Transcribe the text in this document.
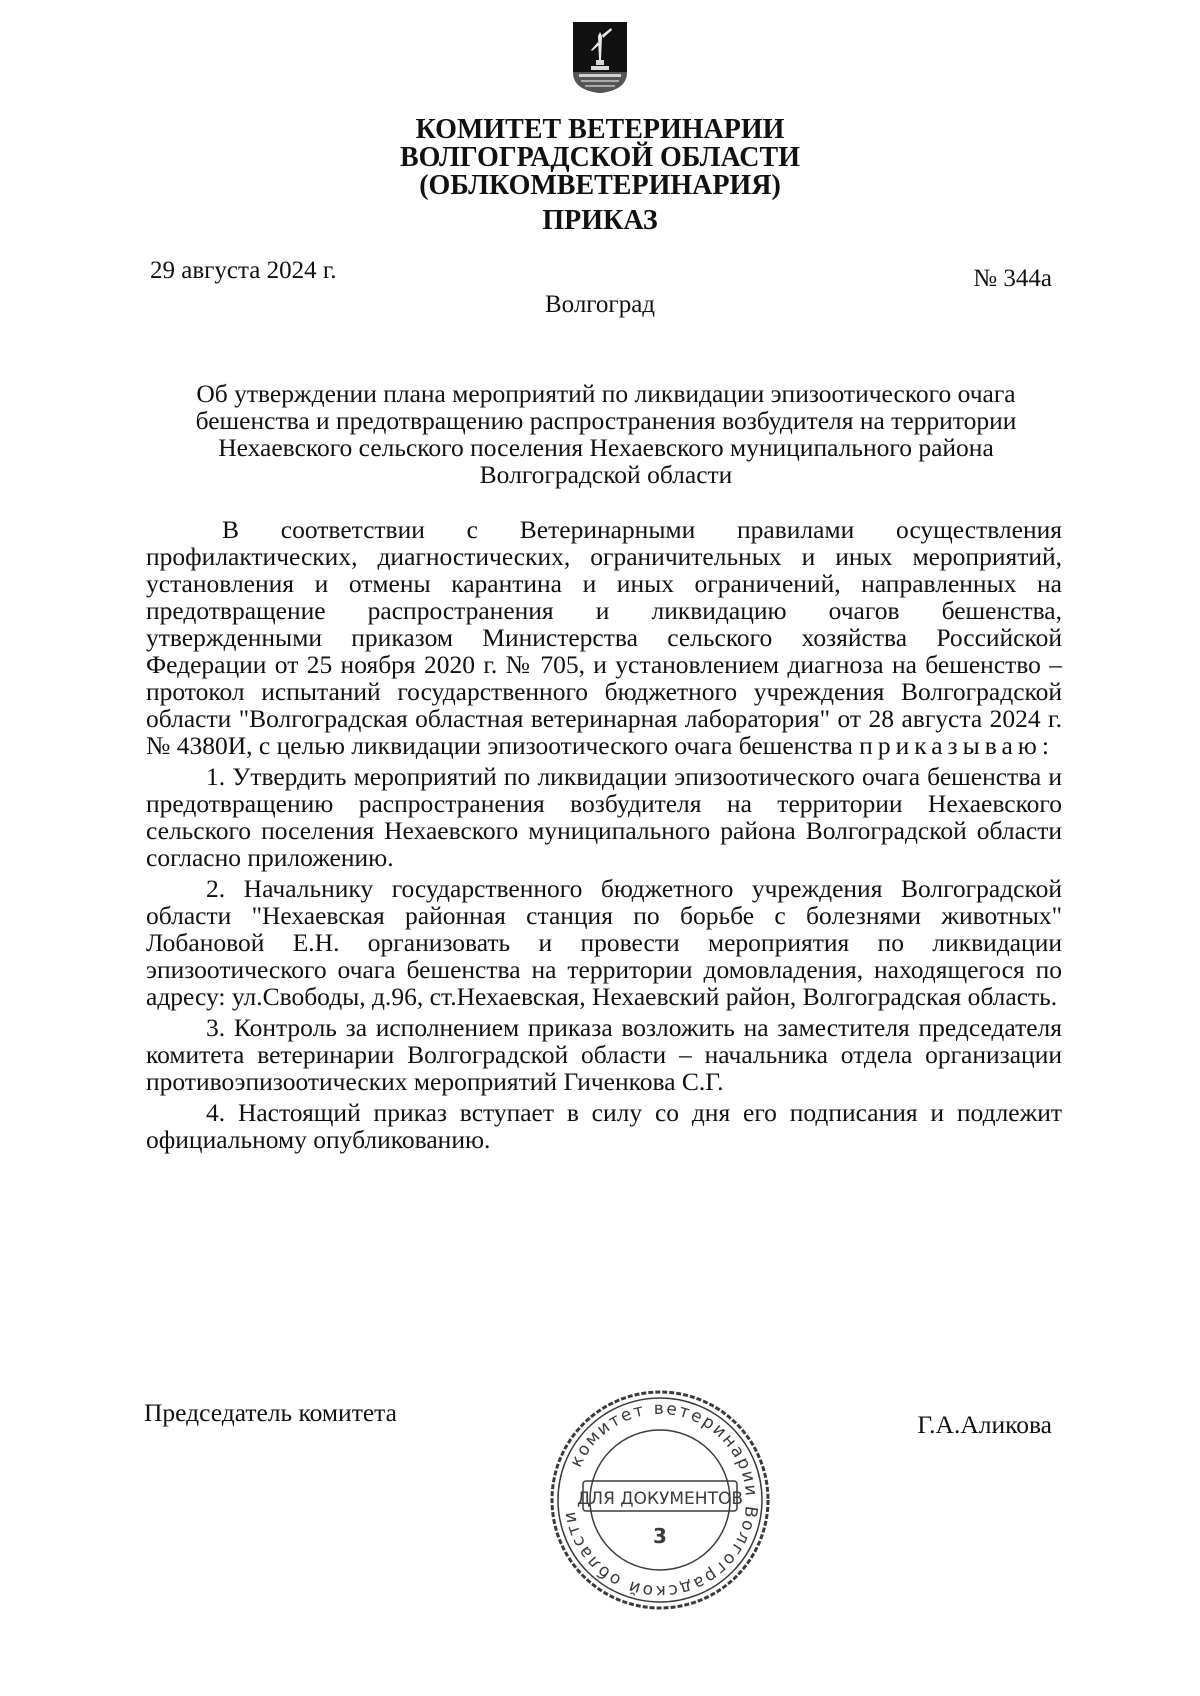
КОМИТЕТ ВЕТЕРИНАРИИ
ВОЛГОГРАДСКОЙ ОБЛАСТИ
(ОБЛКОМВЕТЕРИНАРИЯ)
ПРИКАЗ
29 августа 2024 г.	№ 344а
Волгоград
Об утверждении плана мероприятий по ликвидации эпизоотического очага бешенства и предотвращению распространения возбудителя на территории Нехаевского сельского поселения Нехаевского муниципального района Волгоградской области

В соответствии с Ветеринарными правилами осуществления профилактических, диагностических, ограничительных и иных мероприятий, установления и отмены карантина и иных ограничений, направленных на предотвращение распространения и ликвидацию очагов бешенства, утвержденными приказом Министерства сельского хозяйства Российской Федерации от 25 ноября 2020 г. № 705, и установлением диагноза на бешенство – протокол испытаний государственного бюджетного учреждения Волгоградской области "Волгоградская областная ветеринарная лаборатория" от 28 августа 2024 г. № 4380И, с целью ликвидации эпизоотического очага бешенства приказываю:

1. Утвердить мероприятий по ликвидации эпизоотического очага бешенства и предотвращению распространения возбудителя на территории Нехаевского сельского поселения Нехаевского муниципального района Волгоградской области согласно приложению.

2. Начальнику государственного бюджетного учреждения Волгоградской области "Нехаевская районная станция по борьбе с болезнями животных" Лобановой Е.Н. организовать и провести мероприятия по ликвидации эпизоотического очага бешенства на территории домовладения, находящегося по адресу: ул.Свободы, д.96, ст.Нехаевская, Нехаевский район, Волгоградская область.

3. Контроль за исполнением приказа возложить на заместителя председателя комитета ветеринарии Волгоградской области – начальника отдела организации противоэпизоотических мероприятий Гиченкова С.Г.

4. Настоящий приказ вступает в силу со дня его подписания и подлежит официальному опубликованию.

Председатель комитета	Г.А.Аликова
комитет ветеринарии Волгоградской области
ДЛЯ ДОКУМЕНТОВ
3
